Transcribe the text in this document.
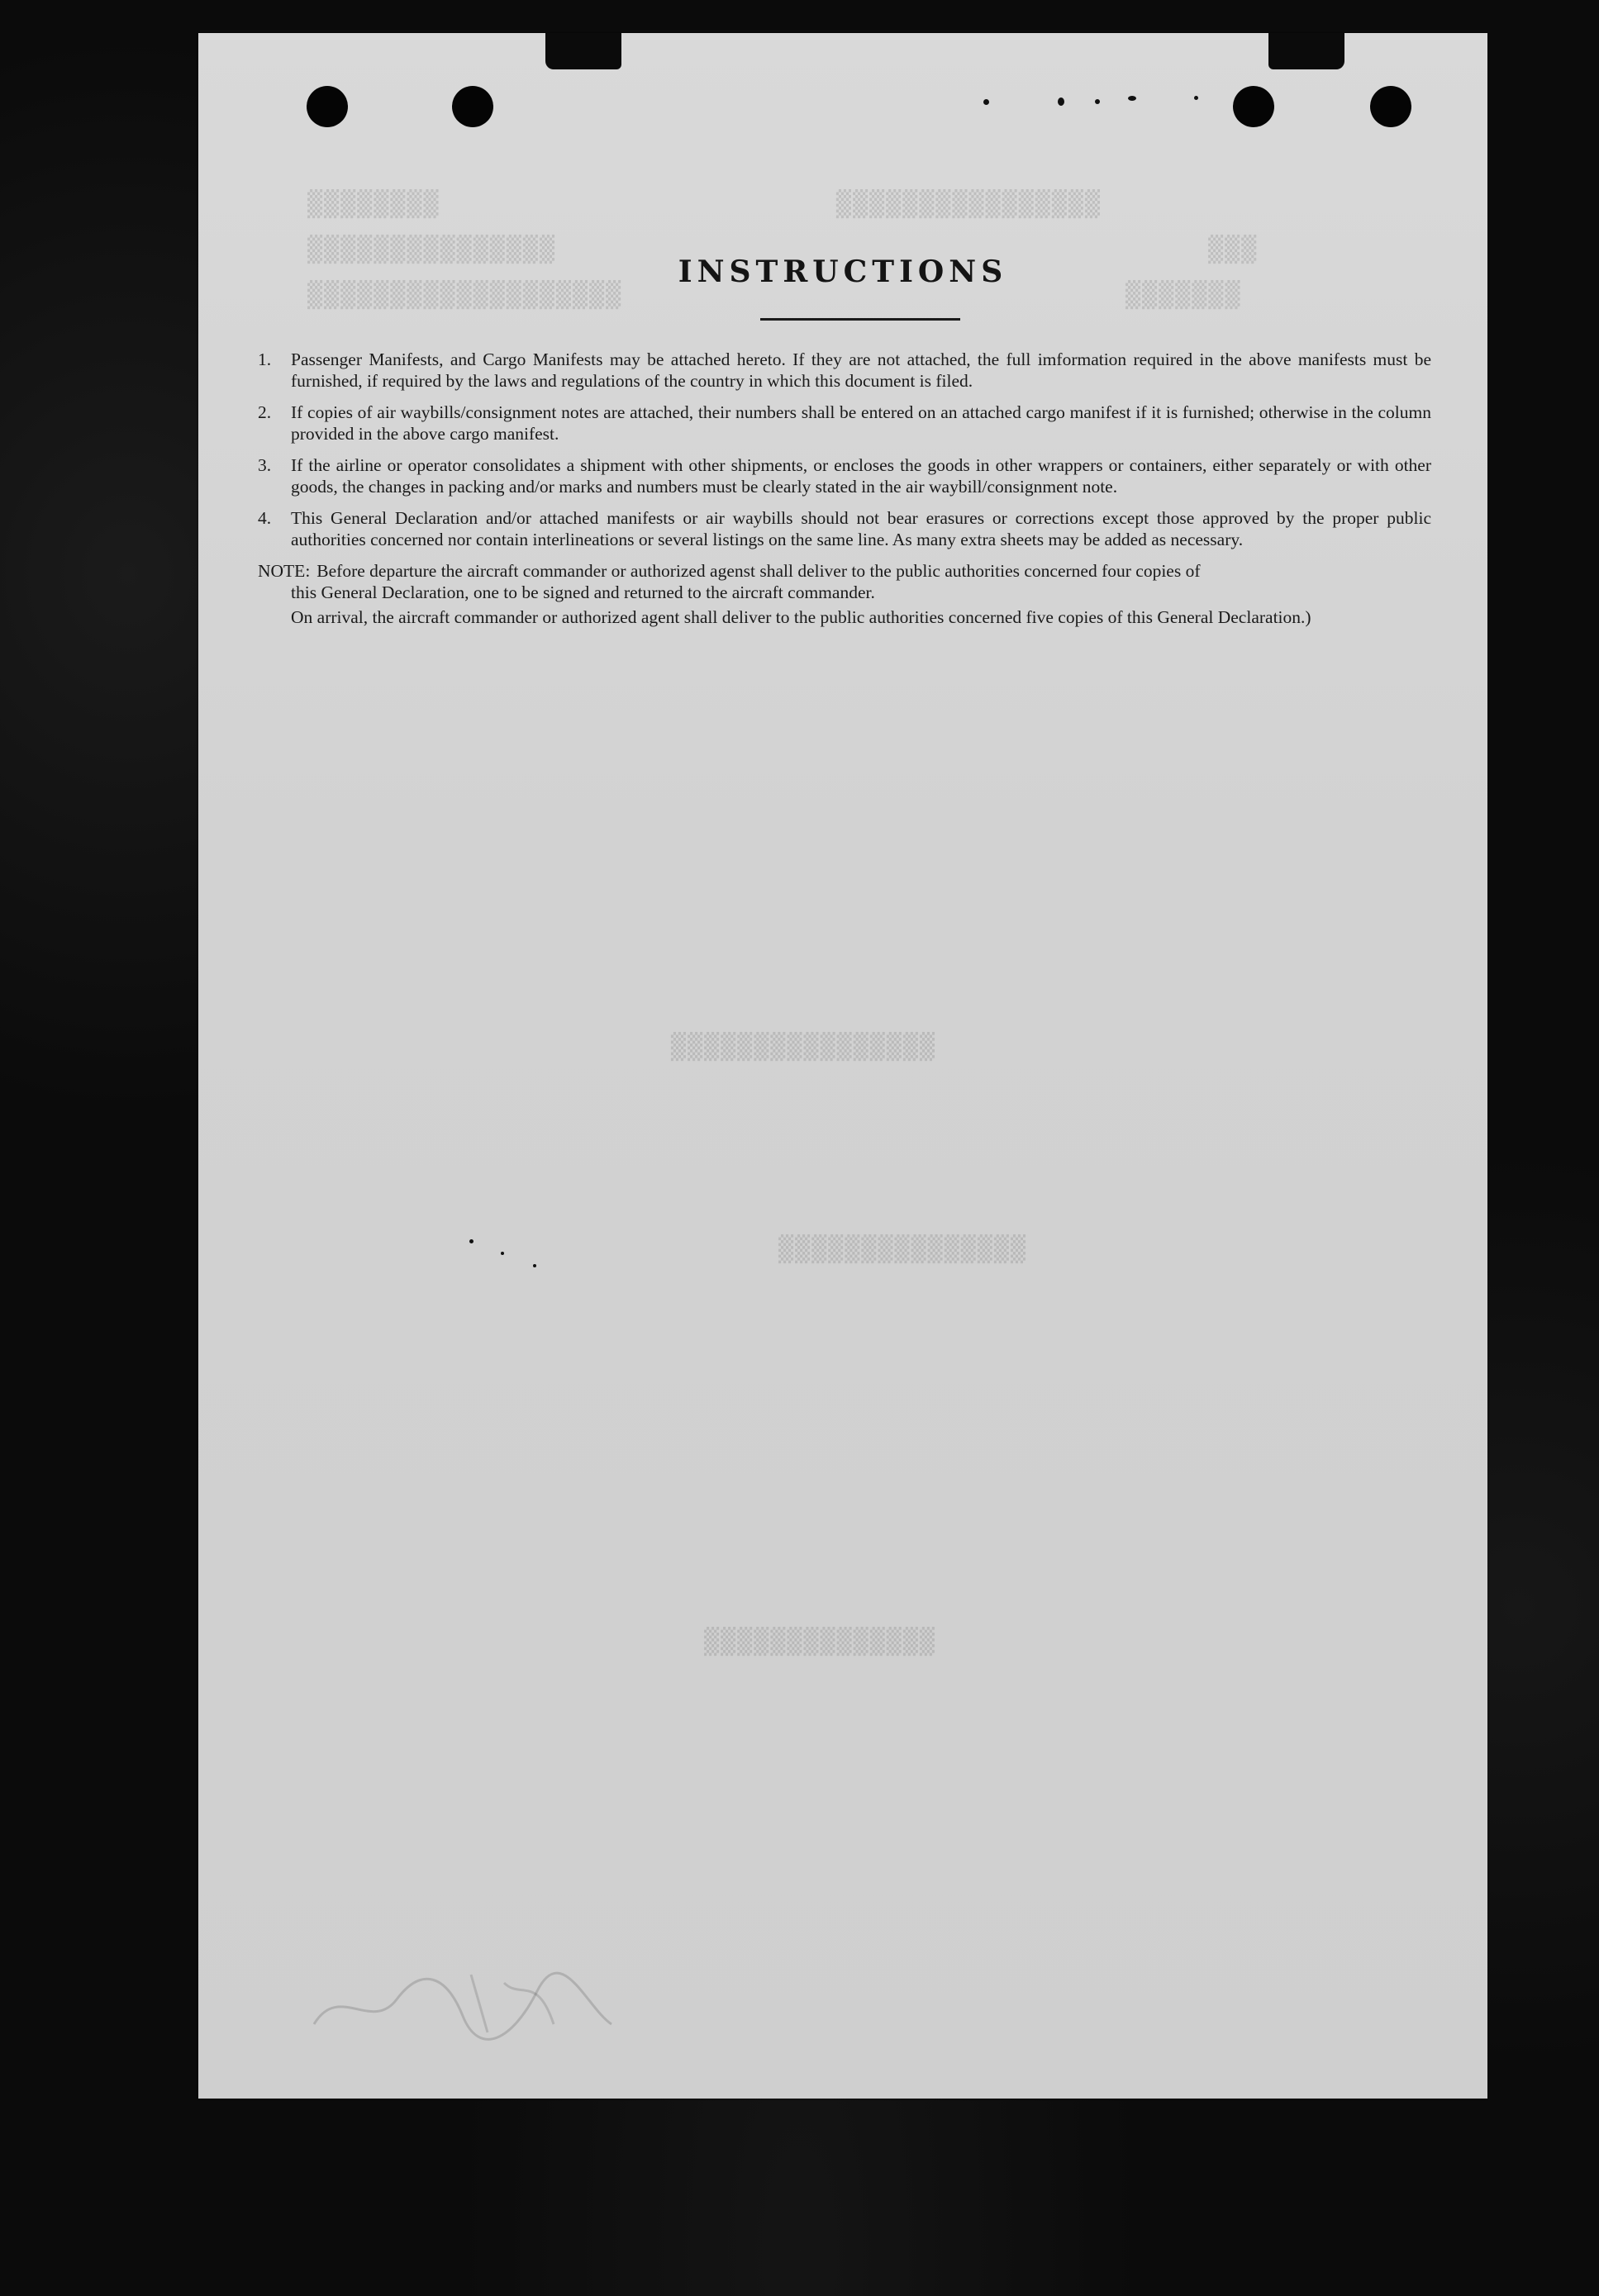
▒▒▒▒▒▒▒▒	▒▒▒▒▒▒▒▒▒▒▒▒▒▒▒▒
▒▒▒▒▒▒▒▒▒▒▒▒▒▒▒	▒▒▒
▒▒▒▒▒▒▒▒▒▒▒▒▒▒▒▒▒▒▒	▒▒▒▒▒▒▒
▒▒▒▒▒▒▒▒▒▒▒▒▒▒▒▒
▒▒▒▒▒▒▒▒▒▒▒▒▒▒▒
▒▒▒▒▒▒▒▒▒▒▒▒▒▒
INSTRUCTIONS
1.	Passenger Manifests, and Cargo Manifests may be attached hereto. If they are not attached, the full imformation required in the above manifests must be furnished, if required by the laws and regulations of the country in which this document is filed.
2.	If copies of air waybills/consignment notes are attached, their numbers shall be entered on an attached cargo manifest if it is furnished; otherwise in the column provided in the above cargo manifest.
3.	If the airline or operator consolidates a shipment with other shipments, or encloses the goods in other wrappers or containers, either separately or with other goods, the changes in packing and/or marks and numbers must be clearly stated in the air waybill/consignment note.
4.	This General Declaration and/or attached manifests or air waybills should not bear erasures or corrections except those approved by the proper public authorities concerned nor contain interlineations or several listings on the same line. As many extra sheets may be added as necessary.
NOTE: Before departure the aircraft commander or authorized agenst shall deliver to the public authorities concerned four copies of
this General Declaration, one to be signed and returned to the aircraft commander.
On arrival, the aircraft commander or authorized agent shall deliver to the public authorities concerned five copies of this General Declaration.)
